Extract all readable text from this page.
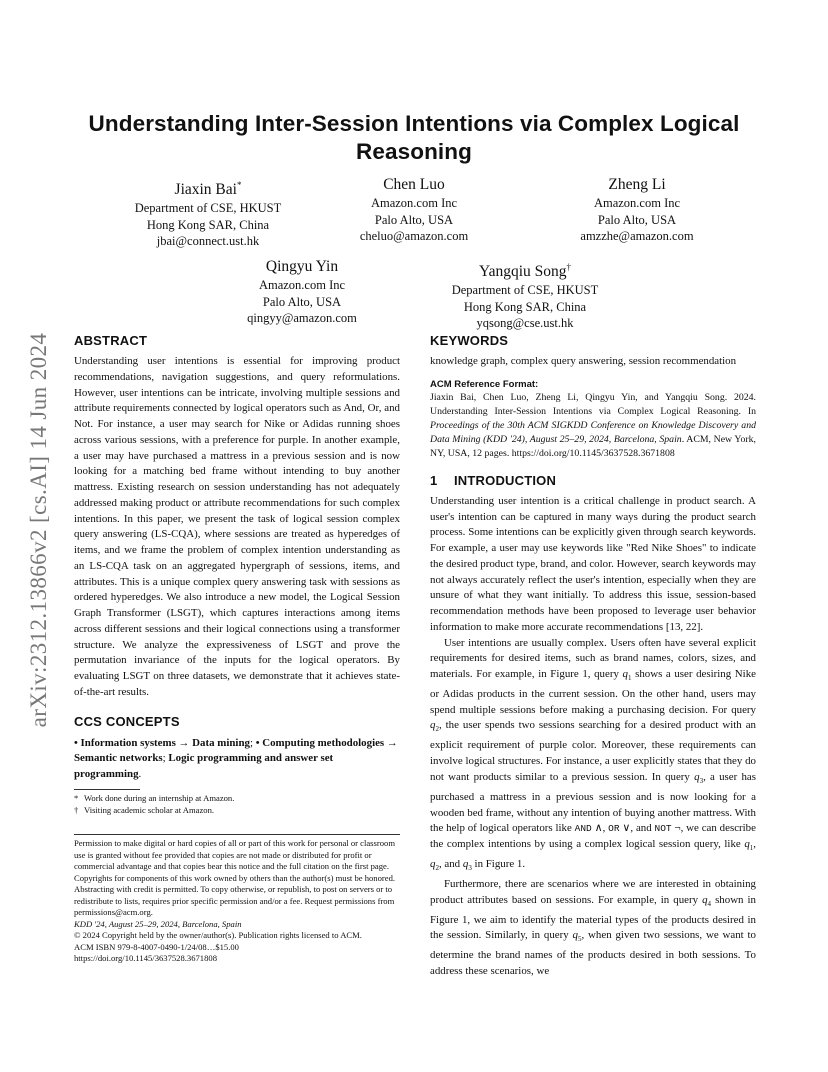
Understanding Inter-Session Intentions via Complex Logical Reasoning
Jiaxin Bai*
Department of CSE, HKUST
Hong Kong SAR, China
jbai@connect.ust.hk
Chen Luo
Amazon.com Inc
Palo Alto, USA
cheluo@amazon.com
Zheng Li
Amazon.com Inc
Palo Alto, USA
amzzhe@amazon.com
Qingyu Yin
Amazon.com Inc
Palo Alto, USA
qingyy@amazon.com
Yangqiu Song†
Department of CSE, HKUST
Hong Kong SAR, China
yqsong@cse.ust.hk
arXiv:2312.13866v2 [cs.AI] 14 Jun 2024 ABSTRACT

Understanding user intentions is essential for improving product recommendations, navigation suggestions, and query reformulations. However, user intentions can be intricate, involving multiple sessions and attribute requirements connected by logical operators such as And, Or, and Not. For instance, a user may search for Nike or Adidas running shoes across various sessions, with a preference for purple. In another example, a user may have purchased a mattress in a previous session and is now looking for a matching bed frame without intending to buy another mattress. Existing research on session understanding has not adequately addressed making product or attribute recommendations for such complex intentions. In this paper, we present the task of logical session complex query answering (LS-CQA), where sessions are treated as hyperedges of items, and we frame the problem of complex intention understanding as an LS-CQA task on an aggregated hypergraph of sessions, items, and attributes. This is a unique complex query answering task with sessions as ordered hyperedges. We also introduce a new model, the Logical Session Graph Transformer (LSGT), which captures interactions among items across different sessions and their logical connections using a transformer structure. We analyze the expressiveness of LSGT and prove the permutation invariance of the inputs for the logical operators. By evaluating LSGT on three datasets, we demonstrate that it achieves state-of-the-art results.

CCS CONCEPTS

• Information systems → Data mining; • Computing methodologies → Semantic networks; Logic programming and answer set programming.

* Work done during an internship at Amazon.
† Visiting academic scholar at Amazon.
Permission to make digital or hard copies of all or part of this work for personal or classroom use is granted without fee provided that copies are not made or distributed for profit or commercial advantage and that copies bear this notice and the full citation on the first page. Copyrights for components of this work owned by others than the author(s) must be honored. Abstracting with credit is permitted. To copy otherwise, or republish, to post on servers or to redistribute to lists, requires prior specific permission and/or a fee. Request permissions from permissions@acm.org.
KDD '24, August 25–29, 2024, Barcelona, Spain
© 2024 Copyright held by the owner/author(s). Publication rights licensed to ACM.
ACM ISBN 979-8-4007-0490-1/24/08…$15.00
https://doi.org/10.1145/3637528.3671808
KEYWORDS

knowledge graph, complex query answering, session recommendation

ACM Reference Format:

Jiaxin Bai, Chen Luo, Zheng Li, Qingyu Yin, and Yangqiu Song. 2024. Understanding Inter-Session Intentions via Complex Logical Reasoning. In Proceedings of the 30th ACM SIGKDD Conference on Knowledge Discovery and Data Mining (KDD '24), August 25–29, 2024, Barcelona, Spain. ACM, New York, NY, USA, 12 pages. https://doi.org/10.1145/3637528.3671808

1 INTRODUCTION

Understanding user intention is a critical challenge in product search. A user's intention can be captured in many ways during the product search process. Some intentions can be explicitly given through search keywords. For example, a user may use keywords like "Red Nike Shoes" to indicate the desired product type, brand, and color. However, search keywords may not always accurately reflect the user's intention, especially when they are unsure of what they want initially. To address this issue, session-based recommendation methods have been proposed to leverage user behavior information to make more accurate recommendations [13, 22].

User intentions are usually complex. Users often have several explicit requirements for desired items, such as brand names, colors, sizes, and materials. For example, in Figure 1, query $q_1$ shows a user desiring Nike or Adidas products in the current session. On the other hand, users may spend multiple sessions before making a purchasing decision. For query $q_2$, the user spends two sessions searching for a desired product with an explicit requirement of purple color. Moreover, these requirements can involve logical structures. For instance, a user explicitly states that they do not want products similar to a previous session. In query $q_3$, a user has purchased a mattress in a previous session and is now looking for a wooden bed frame, without any intention of buying another mattress. With the help of logical operators like AND ∧, OR ∨, and NOT ¬, we can describe the complex intentions by using a complex logical session query, like $q_1$, $q_2$, and $q_3$ in Figure 1.

Furthermore, there are scenarios where we are interested in obtaining product attributes based on sessions. For example, in query $q_4$ shown in Figure 1, we aim to identify the material types of the products desired in the session. Similarly, in query $q_5$, when given two sessions, we want to determine the brand names of the products desired in both sessions. To address these scenarios, we
